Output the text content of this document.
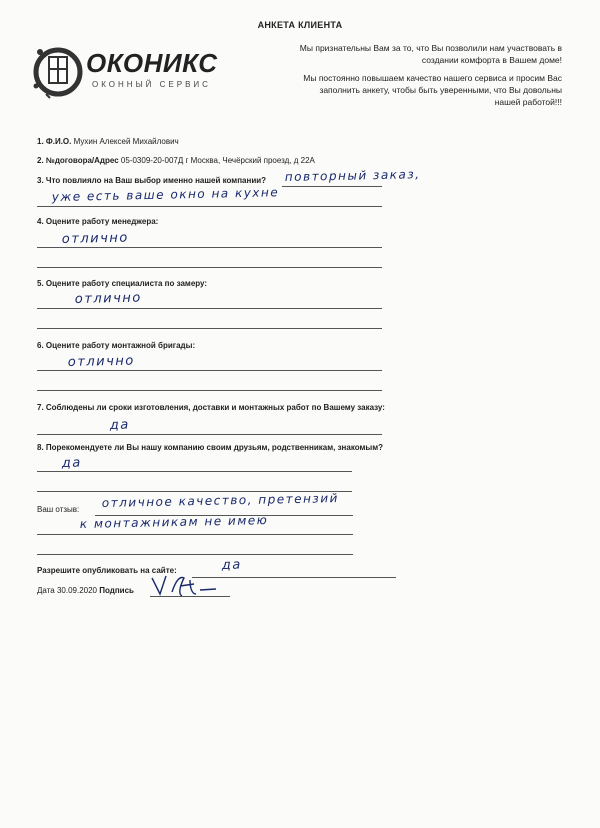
АНКЕТА КЛИЕНТА
ОКОНИКС
ОКОННЫЙ СЕРВИС

Мы признательны Вам за то, что Вы позволили нам участвовать в создании комфорта в Вашем доме!

Мы постоянно повышаем качество нашего сервиса и просим Вас заполнить анкету, чтобы быть уверенными, что Вы довольны нашей работой!!!

1. Ф.И.О. Мухин Алексей Михайлович
2. №договора/Адрес 05-0309-20-007Д г Москва, Чечёрский проезд, д 22А
3. Что повлияло на Ваш выбор именно нашей компании? повторный заказ,
уже есть ваше окно на кухне
4. Оцените работу менеджера:
отлично
5. Оцените работу специалиста по замеру:
отлично
6. Оцените работу монтажной бригады:
отлично
7. Соблюдены ли сроки изготовления, доставки и монтажных работ по Вашему заказу:
да
8. Порекомендуете ли Вы нашу компанию своим друзьям, родственникам, знакомым?
да
Ваш отзыв: отличное качество, претензий
к монтажникам не имею
Разрешите опубликовать на сайте:	да
Дата 30.09.2020 Подпись
